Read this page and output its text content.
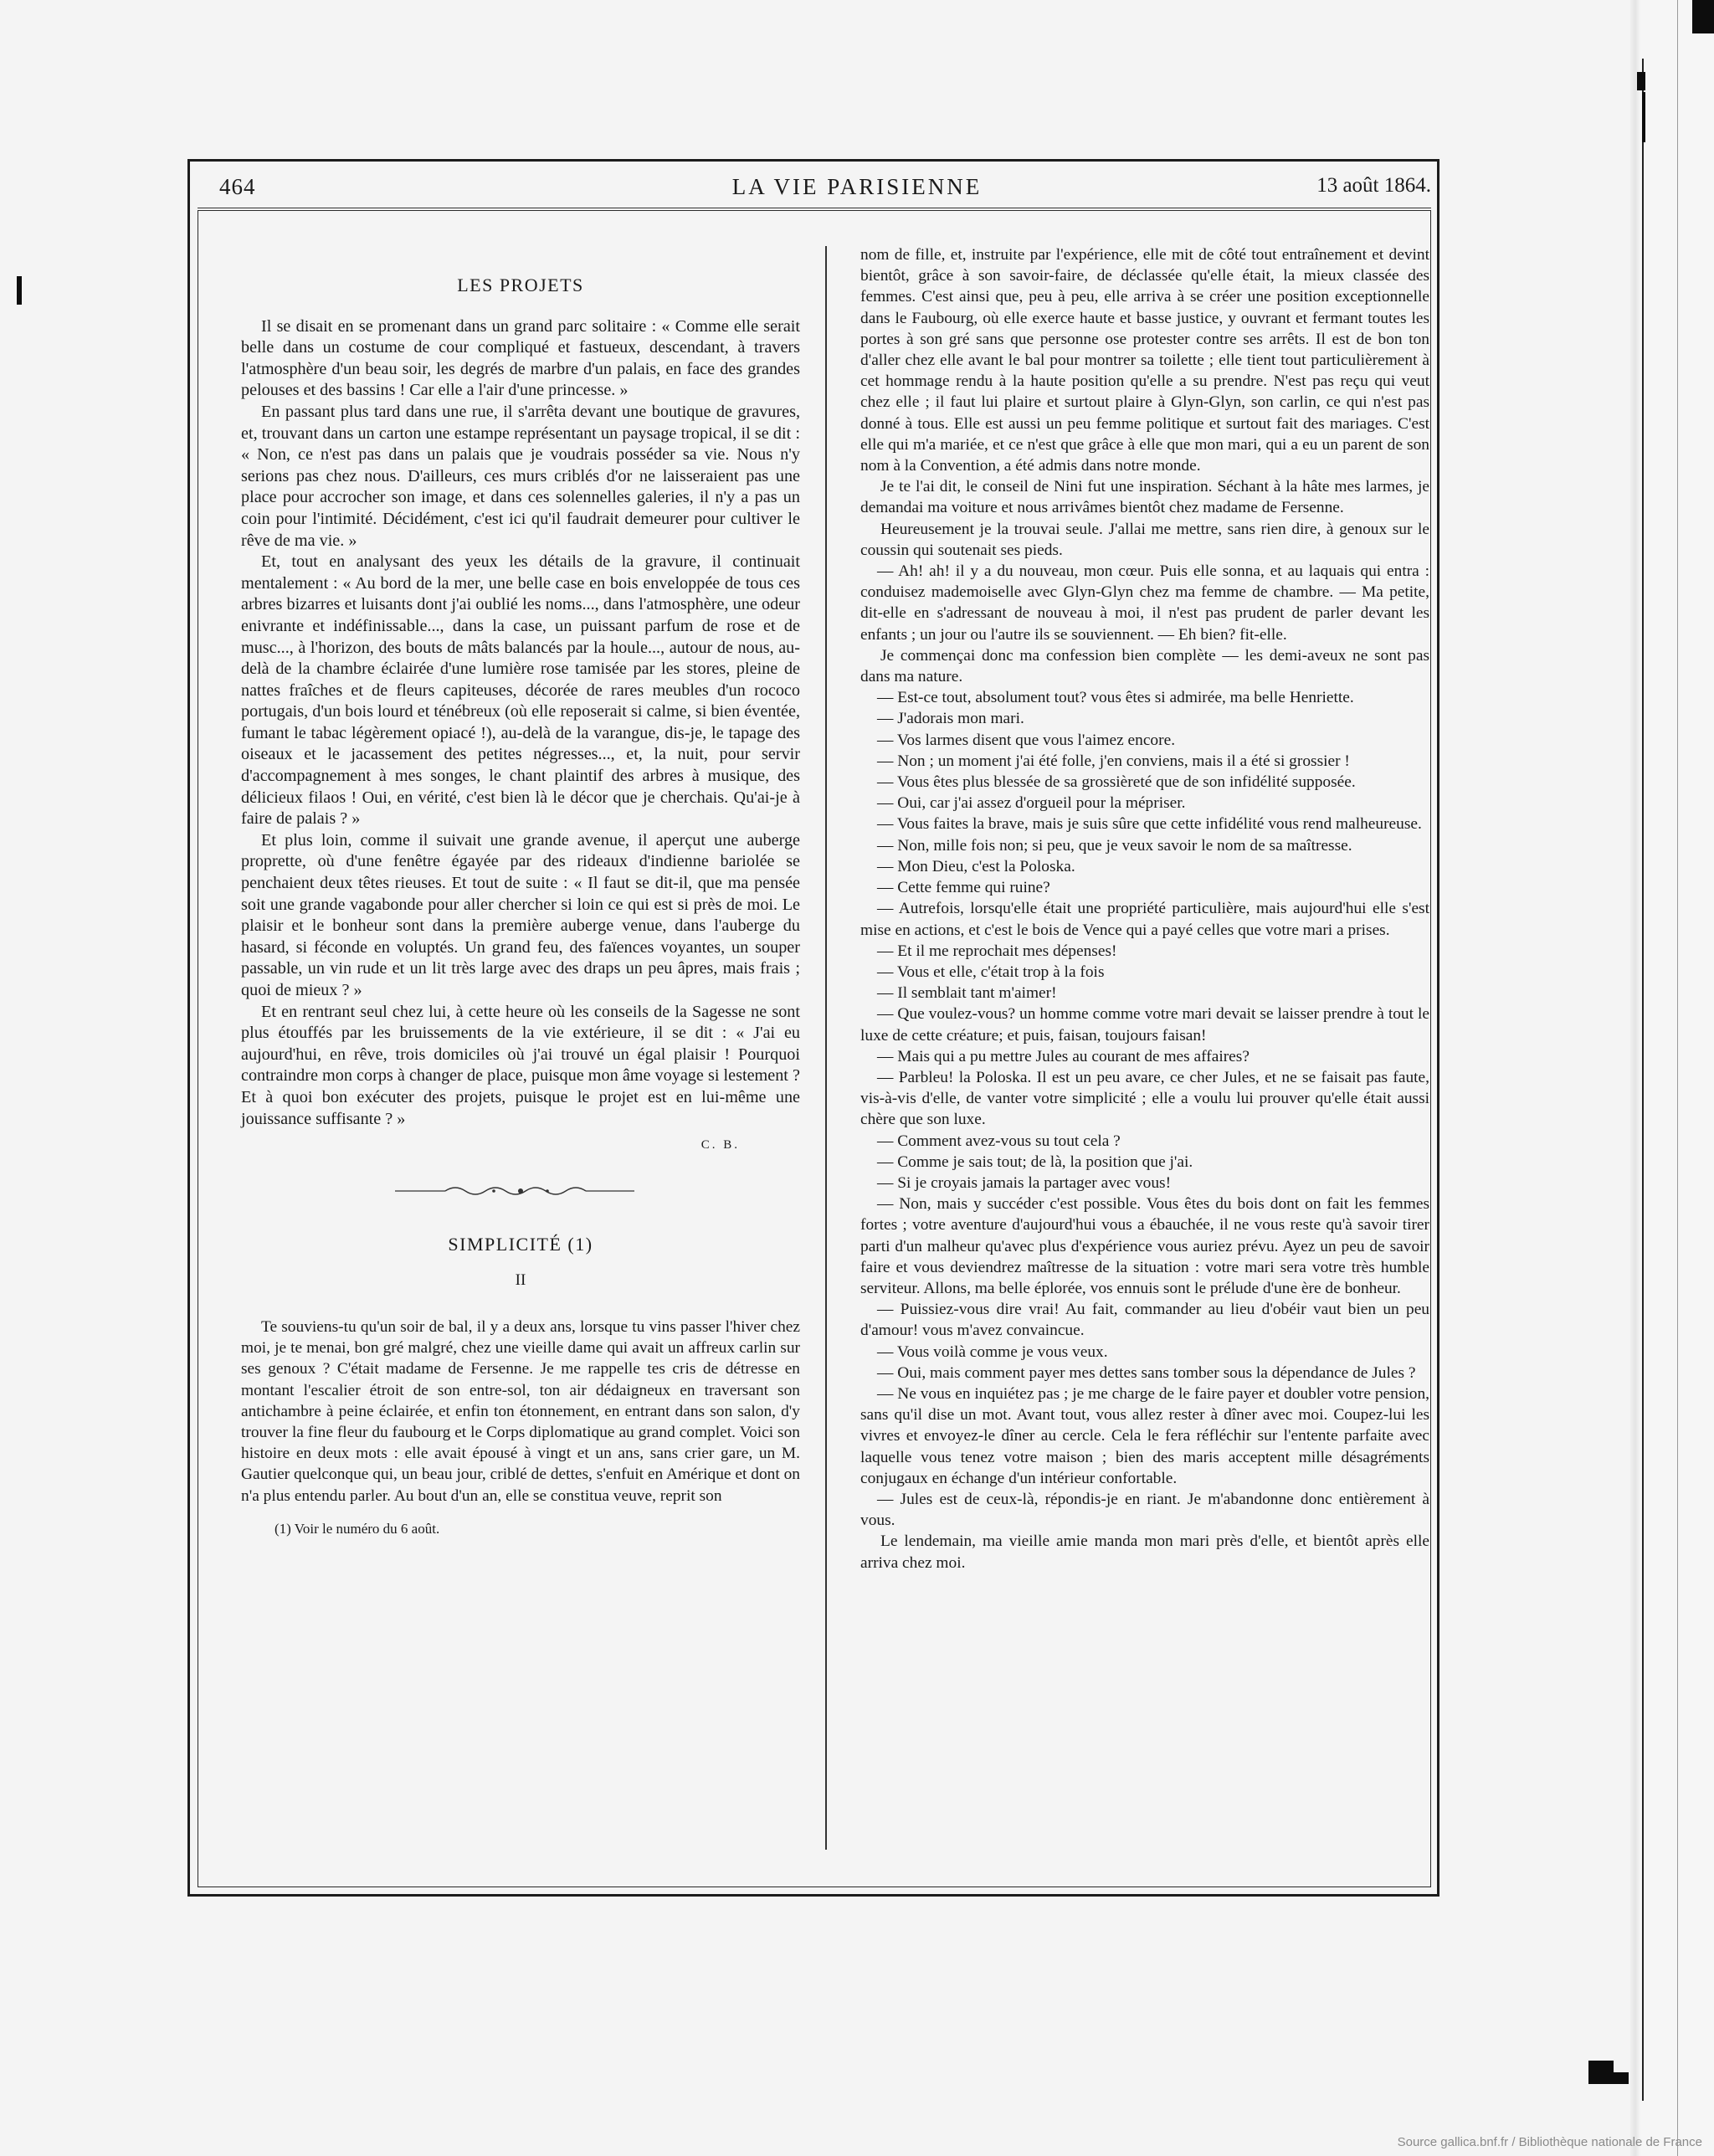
LA VIE PARISIENNE
464	13 août 1864.
LES PROJETS

Il se disait en se promenant dans un grand parc solitaire : « Comme elle serait belle dans un costume de cour compliqué et fastueux, descendant, à travers l'atmosphère d'un beau soir, les degrés de marbre d'un palais, en face des grandes pelouses et des bassins ! Car elle a l'air d'une princesse. »

En passant plus tard dans une rue, il s'arrêta devant une boutique de gravures, et, trouvant dans un carton une estampe représentant un paysage tropical, il se dit : « Non, ce n'est pas dans un palais que je voudrais posséder sa vie. Nous n'y serions pas chez nous. D'ailleurs, ces murs criblés d'or ne laisseraient pas une place pour accrocher son image, et dans ces solennelles galeries, il n'y a pas un coin pour l'intimité. Décidément, c'est ici qu'il faudrait demeurer pour cultiver le rêve de ma vie. »

Et, tout en analysant des yeux les détails de la gravure, il continuait mentalement : « Au bord de la mer, une belle case en bois enveloppée de tous ces arbres bizarres et luisants dont j'ai oublié les noms..., dans l'atmosphère, une odeur enivrante et indéfinissable..., dans la case, un puissant parfum de rose et de musc..., à l'horizon, des bouts de mâts balancés par la houle..., autour de nous, au-delà de la chambre éclairée d'une lumière rose tamisée par les stores, pleine de nattes fraîches et de fleurs capiteuses, décorée de rares meubles d'un rococo portugais, d'un bois lourd et ténébreux (où elle reposerait si calme, si bien éventée, fumant le tabac légèrement opiacé !), au-delà de la varangue, dis-je, le tapage des oiseaux et le jacassement des petites négresses..., et, la nuit, pour servir d'accompagnement à mes songes, le chant plaintif des arbres à musique, des délicieux filaos ! Oui, en vérité, c'est bien là le décor que je cherchais. Qu'ai-je à faire de palais ? »

Et plus loin, comme il suivait une grande avenue, il aperçut une auberge proprette, où d'une fenêtre égayée par des rideaux d'indienne bariolée se penchaient deux têtes rieuses. Et tout de suite : « Il faut se dit-il, que ma pensée soit une grande vagabonde pour aller chercher si loin ce qui est si près de moi. Le plaisir et le bonheur sont dans la première auberge venue, dans l'auberge du hasard, si féconde en voluptés. Un grand feu, des faïences voyantes, un souper passable, un vin rude et un lit très large avec des draps un peu âpres, mais frais ; quoi de mieux ? »

Et en rentrant seul chez lui, à cette heure où les conseils de la Sagesse ne sont plus étouffés par les bruissements de la vie extérieure, il se dit : « J'ai eu aujourd'hui, en rêve, trois domiciles où j'ai trouvé un égal plaisir ! Pourquoi contraindre mon corps à changer de place, puisque mon âme voyage si lestement ? Et à quoi bon exécuter des projets, puisque le projet est en lui-même une jouissance suffisante ? »

C. B.
SIMPLICITÉ (1)
II

Te souviens-tu qu'un soir de bal, il y a deux ans, lorsque tu vins passer l'hiver chez moi, je te menai, bon gré malgré, chez une vieille dame qui avait un affreux carlin sur ses genoux ? C'était madame de Fersenne. Je me rappelle tes cris de détresse en montant l'escalier étroit de son entre-sol, ton air dédaigneux en traversant son antichambre à peine éclairée, et enfin ton étonnement, en entrant dans son salon, d'y trouver la fine fleur du faubourg et le Corps diplomatique au grand complet. Voici son histoire en deux mots : elle avait épousé à vingt et un ans, sans crier gare, un M. Gautier quelconque qui, un beau jour, criblé de dettes, s'enfuit en Amérique et dont on n'a plus entendu parler. Au bout d'un an, elle se constitua veuve, reprit son

(1) Voir le numéro du 6 août.

nom de fille, et, instruite par l'expérience, elle mit de côté tout entraînement et devint bientôt, grâce à son savoir-faire, de déclassée qu'elle était, la mieux classée des femmes. C'est ainsi que, peu à peu, elle arriva à se créer une position exceptionnelle dans le Faubourg, où elle exerce haute et basse justice, y ouvrant et fermant toutes les portes à son gré sans que personne ose protester contre ses arrêts. Il est de bon ton d'aller chez elle avant le bal pour montrer sa toilette ; elle tient tout particulièrement à cet hommage rendu à la haute position qu'elle a su prendre. N'est pas reçu qui veut chez elle ; il faut lui plaire et surtout plaire à Glyn-Glyn, son carlin, ce qui n'est pas donné à tous. Elle est aussi un peu femme politique et surtout fait des mariages. C'est elle qui m'a mariée, et ce n'est que grâce à elle que mon mari, qui a eu un parent de son nom à la Convention, a été admis dans notre monde.

Je te l'ai dit, le conseil de Nini fut une inspiration. Séchant à la hâte mes larmes, je demandai ma voiture et nous arrivâmes bientôt chez madame de Fersenne.

Heureusement je la trouvai seule. J'allai me mettre, sans rien dire, à genoux sur le coussin qui soutenait ses pieds.

— Ah! ah! il y a du nouveau, mon cœur. Puis elle sonna, et au laquais qui entra : conduisez mademoiselle avec Glyn-Glyn chez ma femme de chambre. — Ma petite, dit-elle en s'adressant de nouveau à moi, il n'est pas prudent de parler devant les enfants ; un jour ou l'autre ils se souviennent. — Eh bien? fit-elle.

Je commençai donc ma confession bien complète — les demi-aveux ne sont pas dans ma nature.

— Est-ce tout, absolument tout? vous êtes si admirée, ma belle Henriette.

— J'adorais mon mari.

— Vos larmes disent que vous l'aimez encore.

— Non ; un moment j'ai été folle, j'en conviens, mais il a été si grossier !

— Vous êtes plus blessée de sa grossièreté que de son infidélité supposée.

— Oui, car j'ai assez d'orgueil pour la mépriser.

— Vous faites la brave, mais je suis sûre que cette infidélité vous rend malheureuse.

— Non, mille fois non; si peu, que je veux savoir le nom de sa maîtresse.

— Mon Dieu, c'est la Poloska.

— Cette femme qui ruine?

— Autrefois, lorsqu'elle était une propriété particulière, mais aujourd'hui elle s'est mise en actions, et c'est le bois de Vence qui a payé celles que votre mari a prises.

— Et il me reprochait mes dépenses!

— Vous et elle, c'était trop à la fois

— Il semblait tant m'aimer!

— Que voulez-vous? un homme comme votre mari devait se laisser prendre à tout le luxe de cette créature; et puis, faisan, toujours faisan!

— Mais qui a pu mettre Jules au courant de mes affaires?

— Parbleu! la Poloska. Il est un peu avare, ce cher Jules, et ne se faisait pas faute, vis-à-vis d'elle, de vanter votre simplicité ; elle a voulu lui prouver qu'elle était aussi chère que son luxe.

— Comment avez-vous su tout cela ?

— Comme je sais tout; de là, la position que j'ai.

— Si je croyais jamais la partager avec vous!

— Non, mais y succéder c'est possible. Vous êtes du bois dont on fait les femmes fortes ; votre aventure d'aujourd'hui vous a ébauchée, il ne vous reste qu'à savoir tirer parti d'un malheur qu'avec plus d'expérience vous auriez prévu. Ayez un peu de savoir faire et vous deviendrez maîtresse de la situation : votre mari sera votre très humble serviteur. Allons, ma belle éplorée, vos ennuis sont le prélude d'une ère de bonheur.

— Puissiez-vous dire vrai! Au fait, commander au lieu d'obéir vaut bien un peu d'amour! vous m'avez convaincue.

— Vous voilà comme je vous veux.

— Oui, mais comment payer mes dettes sans tomber sous la dépendance de Jules ?

— Ne vous en inquiétez pas ; je me charge de le faire payer et doubler votre pension, sans qu'il dise un mot. Avant tout, vous allez rester à dîner avec moi. Coupez-lui les vivres et envoyez-le dîner au cercle. Cela le fera réfléchir sur l'entente parfaite avec laquelle vous tenez votre maison ; bien des maris acceptent mille désagréments conjugaux en échange d'un intérieur confortable.

— Jules est de ceux-là, répondis-je en riant. Je m'abandonne donc entièrement à vous.

Le lendemain, ma vieille amie manda mon mari près d'elle, et bientôt après elle arriva chez moi.

Source gallica.bnf.fr / Bibliothèque nationale de France
